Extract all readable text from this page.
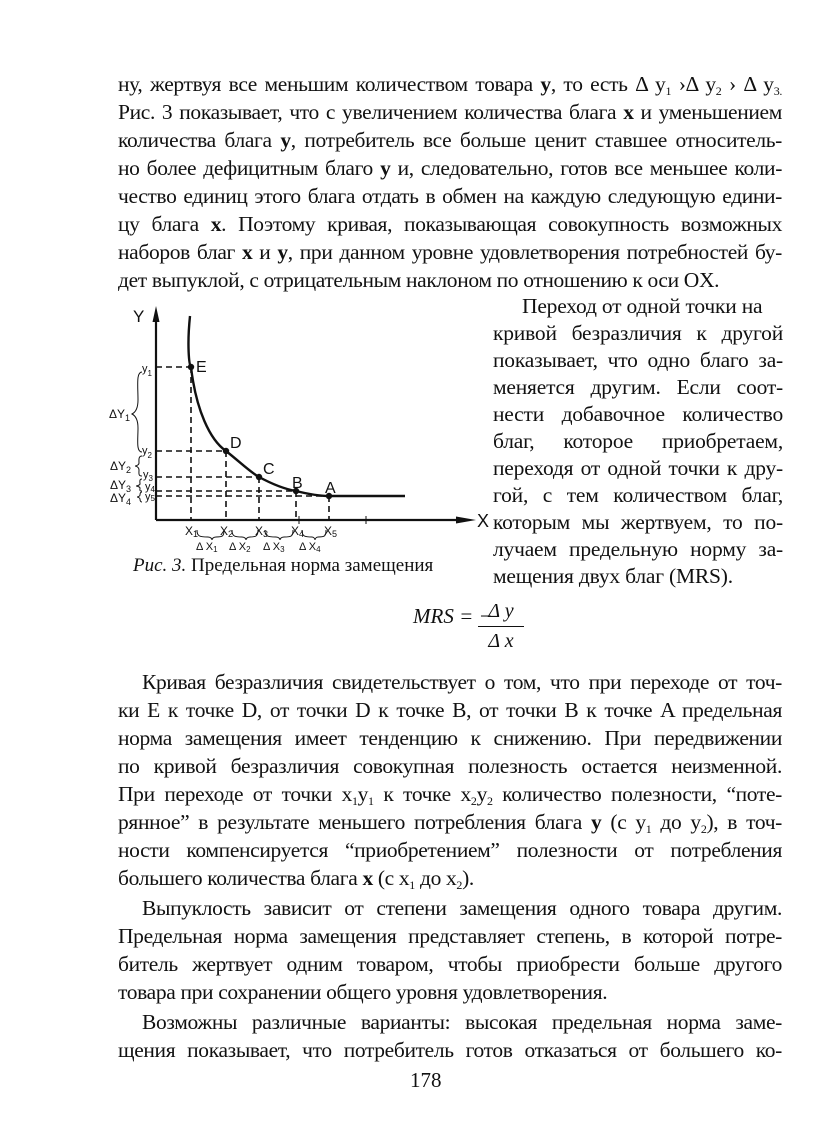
ну, жертвуя все меньшим количеством товара y, то есть Δ $y_1$ ›Δ $y_2$ › Δ $y_{3.}$
Рис. 3 показывает, что с увеличением количества блага x и уменьшением
количества блага y, потребитель все больше ценит ставшее относитель-
но более дефицитным благо y и, следовательно, готов все меньшее коли-
чество единиц этого блага отдать в обмен на каждую следующую едини-
цу блага x. Поэтому кривая, показывающая совокупность возможных
наборов благ x и y, при данном уровне удовлетворения потребностей бу-
дет выпуклой, с отрицательным наклоном по отношению к оси OX.
E
D
C
B A
Y
X
$y_1$
$y_2$
$y_3$
y4
y5
$\Delta Y_1$
$\Delta Y_2$
$\Delta Y_3$
$\Delta Y_4$
X1 X2 X3 X4 X5
Δ X1 Δ X2 Δ X3 Δ X4
Рис. 3. Предельная норма замещения
Переход от одной точки на
кривой безразличия к другой
показывает, что одно благо за-
меняется другим. Если соот-
нести добавочное количество
благ, которое приобретаем,
переходя от одной точки к дру-
гой, с тем количеством благ,
которым мы жертвуем, то по-
лучаем предельную норму за-
мещения двух благ (MRS).
MRS = −
Δ y
Δ x
Кривая безразличия свидетельствует о том, что при переходе от точ-
ки E к точке D, от точки D к точке B, от точки B к точке A предельная
норма замещения имеет тенденцию к снижению. При передвижении
по кривой безразличия совокупная полезность остается неизменной.
При переходе от точки $x_1y_1$ к точке $x_2y_2$ количество полезности, “поте-
рянное” в результате меньшего потребления блага y (с $y_1$ до $y_2$), в точ-
ности компенсируется “приобретением” полезности от потребления
большего количества блага x (с $x_1$ до $x_2$).
Выпуклость зависит от степени замещения одного товара другим.
Предельная норма замещения представляет степень, в которой потре-
битель жертвует одним товаром, чтобы приобрести больше другого
товара при сохранении общего уровня удовлетворения.
Возможны различные варианты: высокая предельная норма заме-
щения показывает, что потребитель готов отказаться от большего ко-
178
